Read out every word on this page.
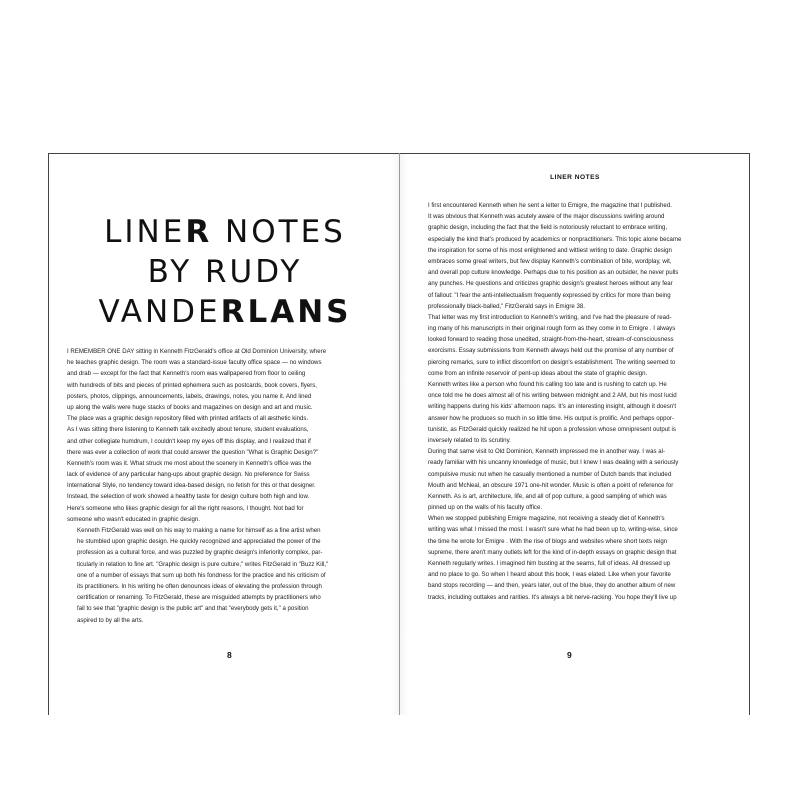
LINER NOTES
BY RUDY
VANDERLANS

I REMEMBER ONE DAY sitting in Kenneth FitzGerald's office at Old Dominion University, where
he teaches graphic design. The room was a standard-issue faculty office space — no windows
and drab — except for the fact that Kenneth's room was wallpapered from floor to ceiling
with hundreds of bits and pieces of printed ephemera such as postcards, book covers, flyers,
posters, photos, clippings, announcements, labels, drawings, notes, you name it. And lined
up along the walls were huge stacks of books and magazines on design and art and music.
The place was a graphic design repository filled with printed artifacts of all æsthetic kinds.
As I was sitting there listening to Kenneth talk excitedly about tenure, student evaluations,
and other collegiate humdrum, I couldn't keep my eyes off this display, and I realized that if
there was ever a collection of work that could answer the question "What is Graphic Design?"
Kenneth's room was it. What struck me most about the scenery in Kenneth's office was the
lack of evidence of any particular hang-ups about graphic design. No preference for Swiss
International Style, no tendency toward idea-based design, no fetish for this or that designer.
Instead, the selection of work showed a healthy taste for design culture both high and low.
Here's someone who likes graphic design for all the right reasons, I thought. Not bad for
someone who wasn't educated in graphic design.

Kenneth FitzGerald was well on his way to making a name for himself as a fine artist when
he stumbled upon graphic design. He quickly recognized and appreciated the power of the
profession as a cultural force, and was puzzled by graphic design's inferiority complex, par-
ticularly in relation to fine art. "Graphic design is pure culture," writes FitzGerald in "Buzz Kill,"
one of a number of essays that sum up both his fondness for the practice and his criticism of
its practitioners. In his writing he often denounces ideas of elevating the profession through
certification or renaming. To FitzGerald, these are misguided attempts by practitioners who
fail to see that "graphic design is the public art" and that "everybody gets it," a position
aspired to by all the arts.

8
LINER NOTES

I first encountered Kenneth when he sent a letter to Emigre, the magazine that I published.
It was obvious that Kenneth was acutely aware of the major discussions swirling around
graphic design, including the fact that the field is notoriously reluctant to embrace writing,
especially the kind that's produced by academics or nonpractitioners. This topic alone became
the inspiration for some of his most enlightened and wittiest writing to date. Graphic design
embraces some great writers, but few display Kenneth's combination of bite, wordplay, wit,
and overall pop culture knowledge. Perhaps due to his position as an outsider, he never pulls
any punches. He questions and criticizes graphic design's greatest heroes without any fear
of fallout: "I fear the anti-intellectualism frequently expressed by critics for more than being
professionally black-balled," FitzGerald says in Emigre 38.

That letter was my first introduction to Kenneth's writing, and I've had the pleasure of read-
ing many of his manuscripts in their original rough form as they come in to Emigre . I always
looked forward to reading those unedited, straight-from-the-heart, stream-of-consciousness
exorcisms. Essay submissions from Kenneth always held out the promise of any number of
piercing remarks, sure to inflict discomfort on design's establishment. The writing seemed to
come from an infinite reservoir of pent-up ideas about the state of graphic design.

Kenneth writes like a person who found his calling too late and is rushing to catch up. He
once told me he does almost all of his writing between midnight and 2 AM, but his most lucid
writing happens during his kids' afternoon naps. It's an interesting insight, although it doesn't
answer how he produces so much in so little time. His output is prolific. And perhaps oppor-
tunistic, as FitzGerald quickly realized he hit upon a profession whose omnipresent output is
inversely related to its scrutiny.

During that same visit to Old Dominion, Kenneth impressed me in another way. I was al-
ready familiar with his uncanny knowledge of music, but I knew I was dealing with a seriously
compulsive music nut when he casually mentioned a number of Dutch bands that included
Mouth and McNeal, an obscure 1971 one-hit wonder. Music is often a point of reference for
Kenneth. As is art, architecture, life, and all of pop culture, a good sampling of which was
pinned up on the walls of his faculty office.

When we stopped publishing Emigre magazine, not receiving a steady diet of Kenneth's
writing was what I missed the most. I wasn't sure what he had been up to, writing-wise, since
the time he wrote for Emigre . With the rise of blogs and websites where short texts reign
supreme, there aren't many outlets left for the kind of in-depth essays on graphic design that
Kenneth regularly writes. I imagined him busting at the seams, full of ideas. All dressed up
and no place to go. So when I heard about this book, I was elated. Like when your favorite
band stops recording — and then, years later, out of the blue, they do another album of new
tracks, including outtakes and rarities. It's always a bit nerve-racking. You hope they'll live up

9
